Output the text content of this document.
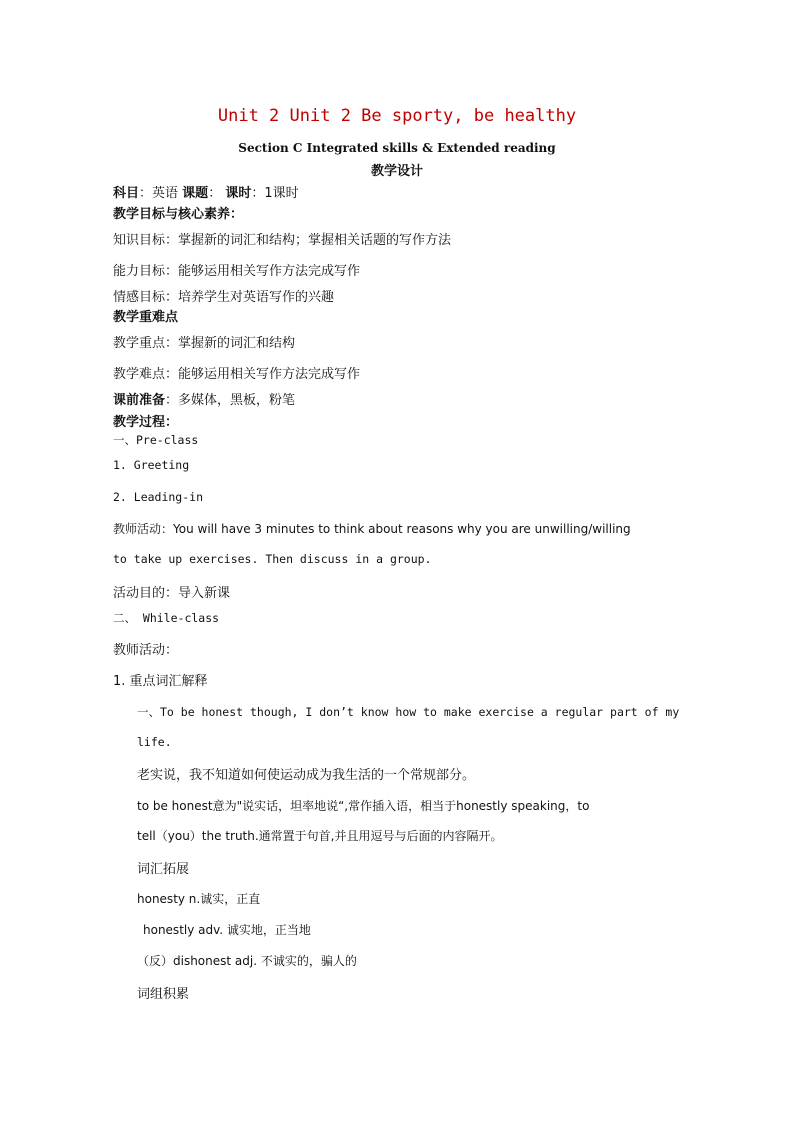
Unit 2 Unit 2 Be sporty, be healthy
Section C Integrated skills & Extended reading
教学设计
科目：英语 课题： 课时：1课时
教学目标与核心素养：
知识目标：掌握新的词汇和结构；掌握相关话题的写作方法
能力目标：能够运用相关写作方法完成写作
情感目标：培养学生对英语写作的兴趣
教学重难点
教学重点：掌握新的词汇和结构
教学难点：能够运用相关写作方法完成写作
课前准备：多媒体，黑板，粉笔
教学过程：
一、Pre-class
1. Greeting
2. Leading-in
教师活动：You will have 3 minutes to think about reasons why you are unwilling/willing
to take up exercises. Then discuss in a group.
活动目的：导入新课
二、 While-class
教师活动：
1. 重点词汇解释
一、To be honest though, I don’t know how to make exercise a regular part of my
life.
老实说，我不知道如何使运动成为我生活的一个常规部分。
to be honest意为"说实话，坦率地说“,常作插入语，相当于honestly speaking，to
tell（you）the truth.通常置于句首,并且用逗号与后面的内容隔开。
词汇拓展
honesty n.诚实，正直
honestly adv. 诚实地，正当地
（反）dishonest adj. 不诚实的，骗人的
词组积累
